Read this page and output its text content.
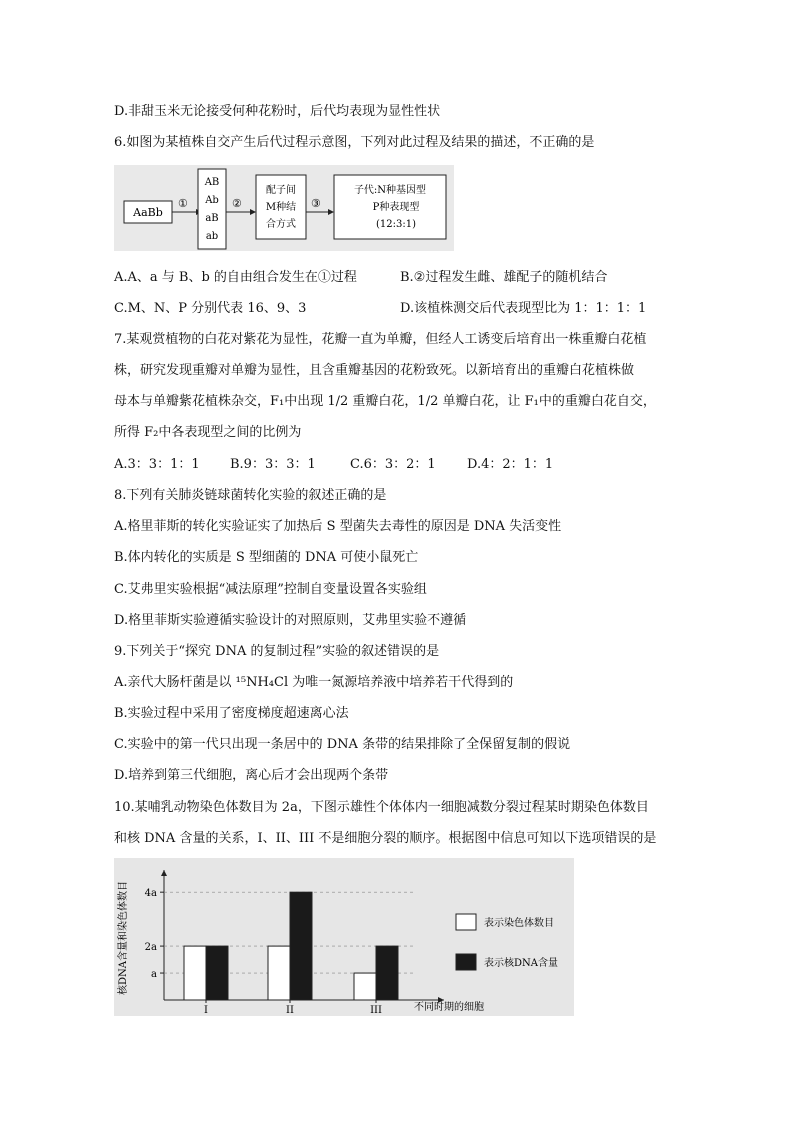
D.非甜玉米无论接受何种花粉时，后代均表现为显性性状
6.如图为某植株自交产生后代过程示意图，下列对此过程及结果的描述，不正确的是
AaBb
①
AB
Ab
aB
ab
②
配子间
M种结
合方式
③
子代:N种基因型
P种表现型
(12:3:1)
A.A、a 与 B、b 的自由组合发生在①过程	B.②过程发生雌、雄配子的随机结合
C.M、N、P 分别代表 16、9、3	D.该植株测交后代表现型比为 1：1：1：1
7.某观赏植物的白花对紫花为显性，花瓣一直为单瓣，但经人工诱变后培育出一株重瓣白花植
株，研究发现重瓣对单瓣为显性，且含重瓣基因的花粉致死。以新培育出的重瓣白花植株做
母本与单瓣紫花植株杂交，F₁中出现 1/2 重瓣白花，1/2 单瓣白花，让 F₁中的重瓣白花自交，
所得 F₂中各表现型之间的比例为
A.3：3：1：1 B.9：3：3：1	C.6：3：2：1 D.4：2：1：1
8.下列有关肺炎链球菌转化实验的叙述正确的是
A.格里菲斯的转化实验证实了加热后 S 型菌失去毒性的原因是 DNA 失活变性
B.体内转化的实质是 S 型细菌的 DNA 可使小鼠死亡
C.艾弗里实验根据“减法原理”控制自变量设置各实验组
D.格里菲斯实验遵循实验设计的对照原则，艾弗里实验不遵循
9.下列关于“探究 DNA 的复制过程”实验的叙述错误的是
A.亲代大肠杆菌是以 ¹⁵NH₄Cl 为唯一氮源培养液中培养若干代得到的
B.实验过程中采用了密度梯度超速离心法
C.实验中的第一代只出现一条居中的 DNA 条带的结果排除了全保留复制的假说
D.培养到第三代细胞，离心后才会出现两个条带
10.某哺乳动物染色体数目为 2a，下图示雄性个体体内一细胞减数分裂过程某时期染色体数目
和核 DNA 含量的关系，I、II、III 不是细胞分裂的顺序。根据图中信息可知以下选项错误的是
核DNA含量和染色体数目 a
2a
4a
I	II	III	不同时期的细胞
表示染色体数目
表示核DNA含量
